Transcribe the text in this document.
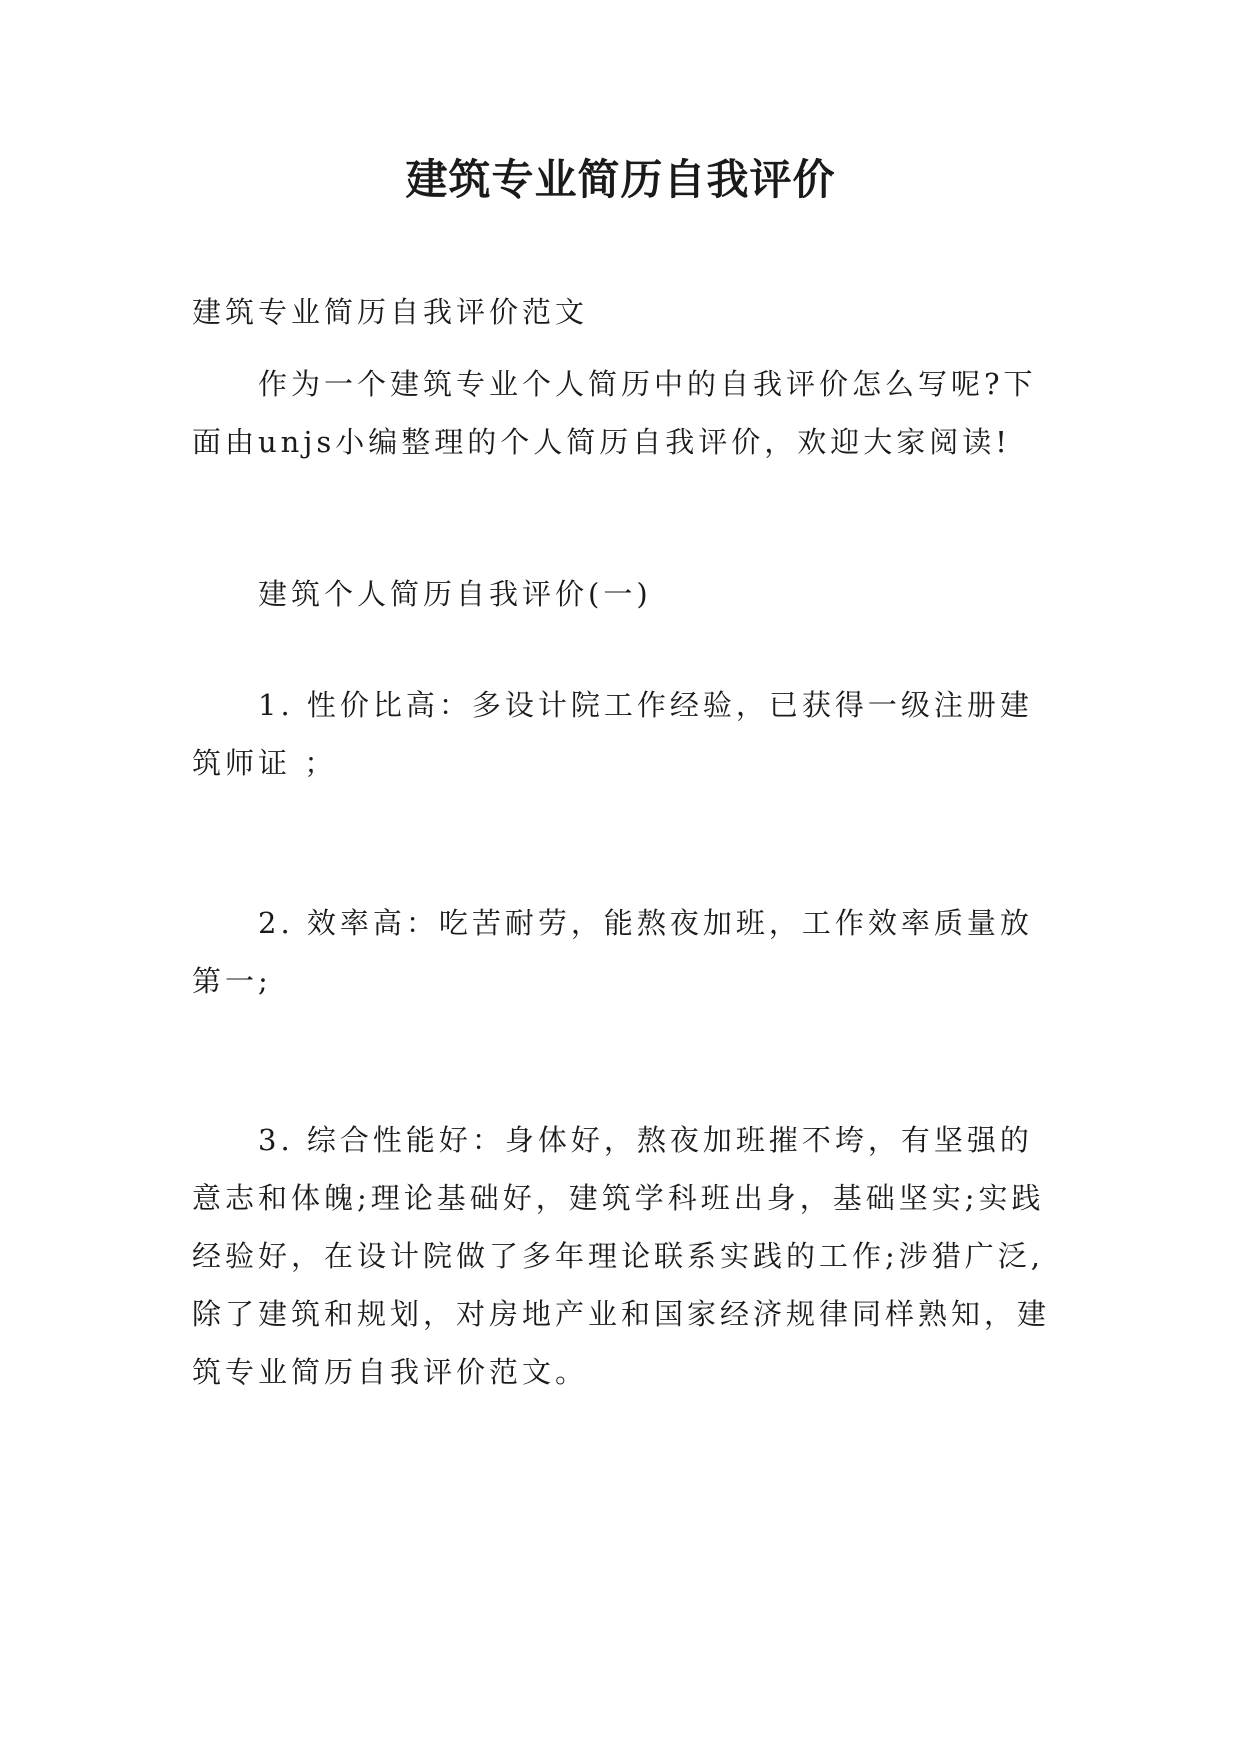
建筑专业简历自我评价
建筑专业简历自我评价范文
作为一个建筑专业个人简历中的自我评价怎么写呢?下
面由unjs小编整理的个人简历自我评价，欢迎大家阅读!
建筑个人简历自我评价(一)
1. 性价比高：多设计院工作经验，已获得一级注册建
筑师证 ；
2. 效率高：吃苦耐劳，能熬夜加班，工作效率质量放
第一;
3. 综合性能好：身体好，熬夜加班摧不垮，有坚强的
意志和体魄;理论基础好，建筑学科班出身，基础坚实;实践
经验好，在设计院做了多年理论联系实践的工作;涉猎广泛,
除了建筑和规划，对房地产业和国家经济规律同样熟知，建
筑专业简历自我评价范文。
